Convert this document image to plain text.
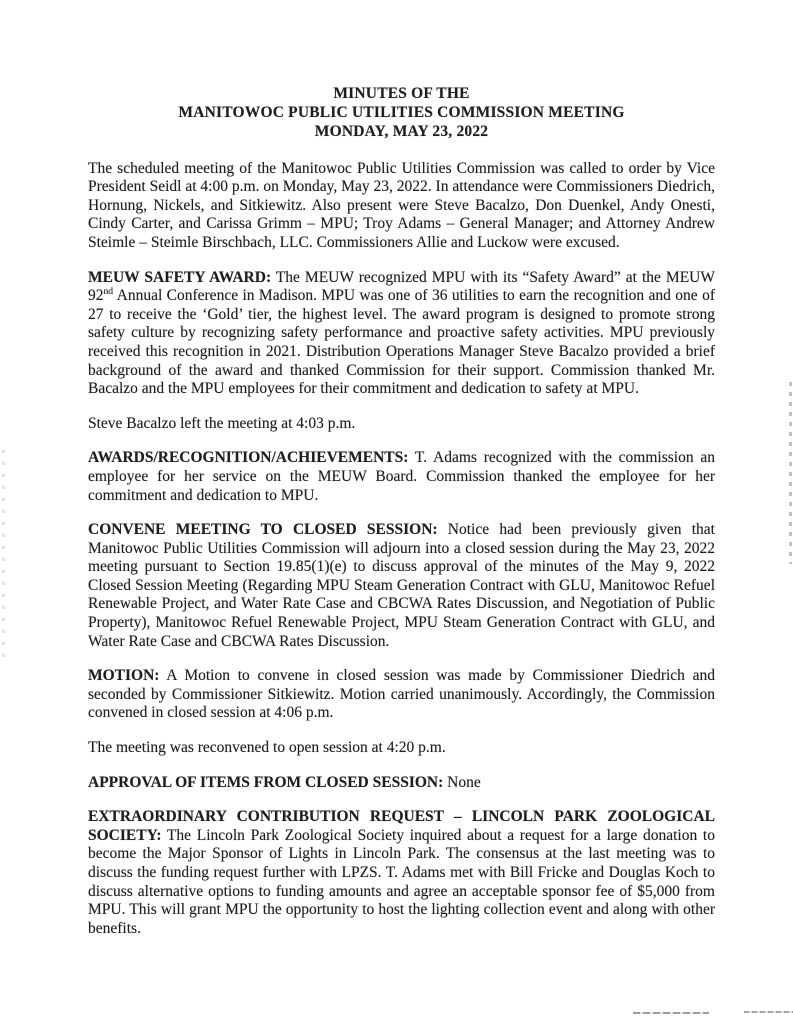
MINUTES OF THE
MANITOWOC PUBLIC UTILITIES COMMISSION MEETING
MONDAY, MAY 23, 2022

The scheduled meeting of the Manitowoc Public Utilities Commission was called to order by Vice President Seidl at 4:00 p.m. on Monday, May 23, 2022. In attendance were Commissioners Diedrich, Hornung, Nickels, and Sitkiewitz. Also present were Steve Bacalzo, Don Duenkel, Andy Onesti, Cindy Carter, and Carissa Grimm – MPU; Troy Adams – General Manager; and Attorney Andrew Steimle – Steimle Birschbach, LLC. Commissioners Allie and Luckow were excused.

MEUW SAFETY AWARD: The MEUW recognized MPU with its “Safety Award” at the MEUW 92nd Annual Conference in Madison. MPU was one of 36 utilities to earn the recognition and one of 27 to receive the ‘Gold’ tier, the highest level. The award program is designed to promote strong safety culture by recognizing safety performance and proactive safety activities. MPU previously received this recognition in 2021. Distribution Operations Manager Steve Bacalzo provided a brief background of the award and thanked Commission for their support. Commission thanked Mr. Bacalzo and the MPU employees for their commitment and dedication to safety at MPU.

Steve Bacalzo left the meeting at 4:03 p.m.

AWARDS/RECOGNITION/ACHIEVEMENTS: T. Adams recognized with the commission an employee for her service on the MEUW Board. Commission thanked the employee for her commitment and dedication to MPU.

CONVENE MEETING TO CLOSED SESSION: Notice had been previously given that Manitowoc Public Utilities Commission will adjourn into a closed session during the May 23, 2022 meeting pursuant to Section 19.85(1)(e) to discuss approval of the minutes of the May 9, 2022 Closed Session Meeting (Regarding MPU Steam Generation Contract with GLU, Manitowoc Refuel Renewable Project, and Water Rate Case and CBCWA Rates Discussion, and Negotiation of Public Property), Manitowoc Refuel Renewable Project, MPU Steam Generation Contract with GLU, and Water Rate Case and CBCWA Rates Discussion.

MOTION: A Motion to convene in closed session was made by Commissioner Diedrich and seconded by Commissioner Sitkiewitz. Motion carried unanimously. Accordingly, the Commission convened in closed session at 4:06 p.m.

The meeting was reconvened to open session at 4:20 p.m.

APPROVAL OF ITEMS FROM CLOSED SESSION: None

EXTRAORDINARY CONTRIBUTION REQUEST – LINCOLN PARK ZOOLOGICAL SOCIETY: The Lincoln Park Zoological Society inquired about a request for a large donation to become the Major Sponsor of Lights in Lincoln Park. The consensus at the last meeting was to discuss the funding request further with LPZS. T. Adams met with Bill Fricke and Douglas Koch to discuss alternative options to funding amounts and agree an acceptable sponsor fee of $5,000 from MPU. This will grant MPU the opportunity to host the lighting collection event and along with other benefits.
